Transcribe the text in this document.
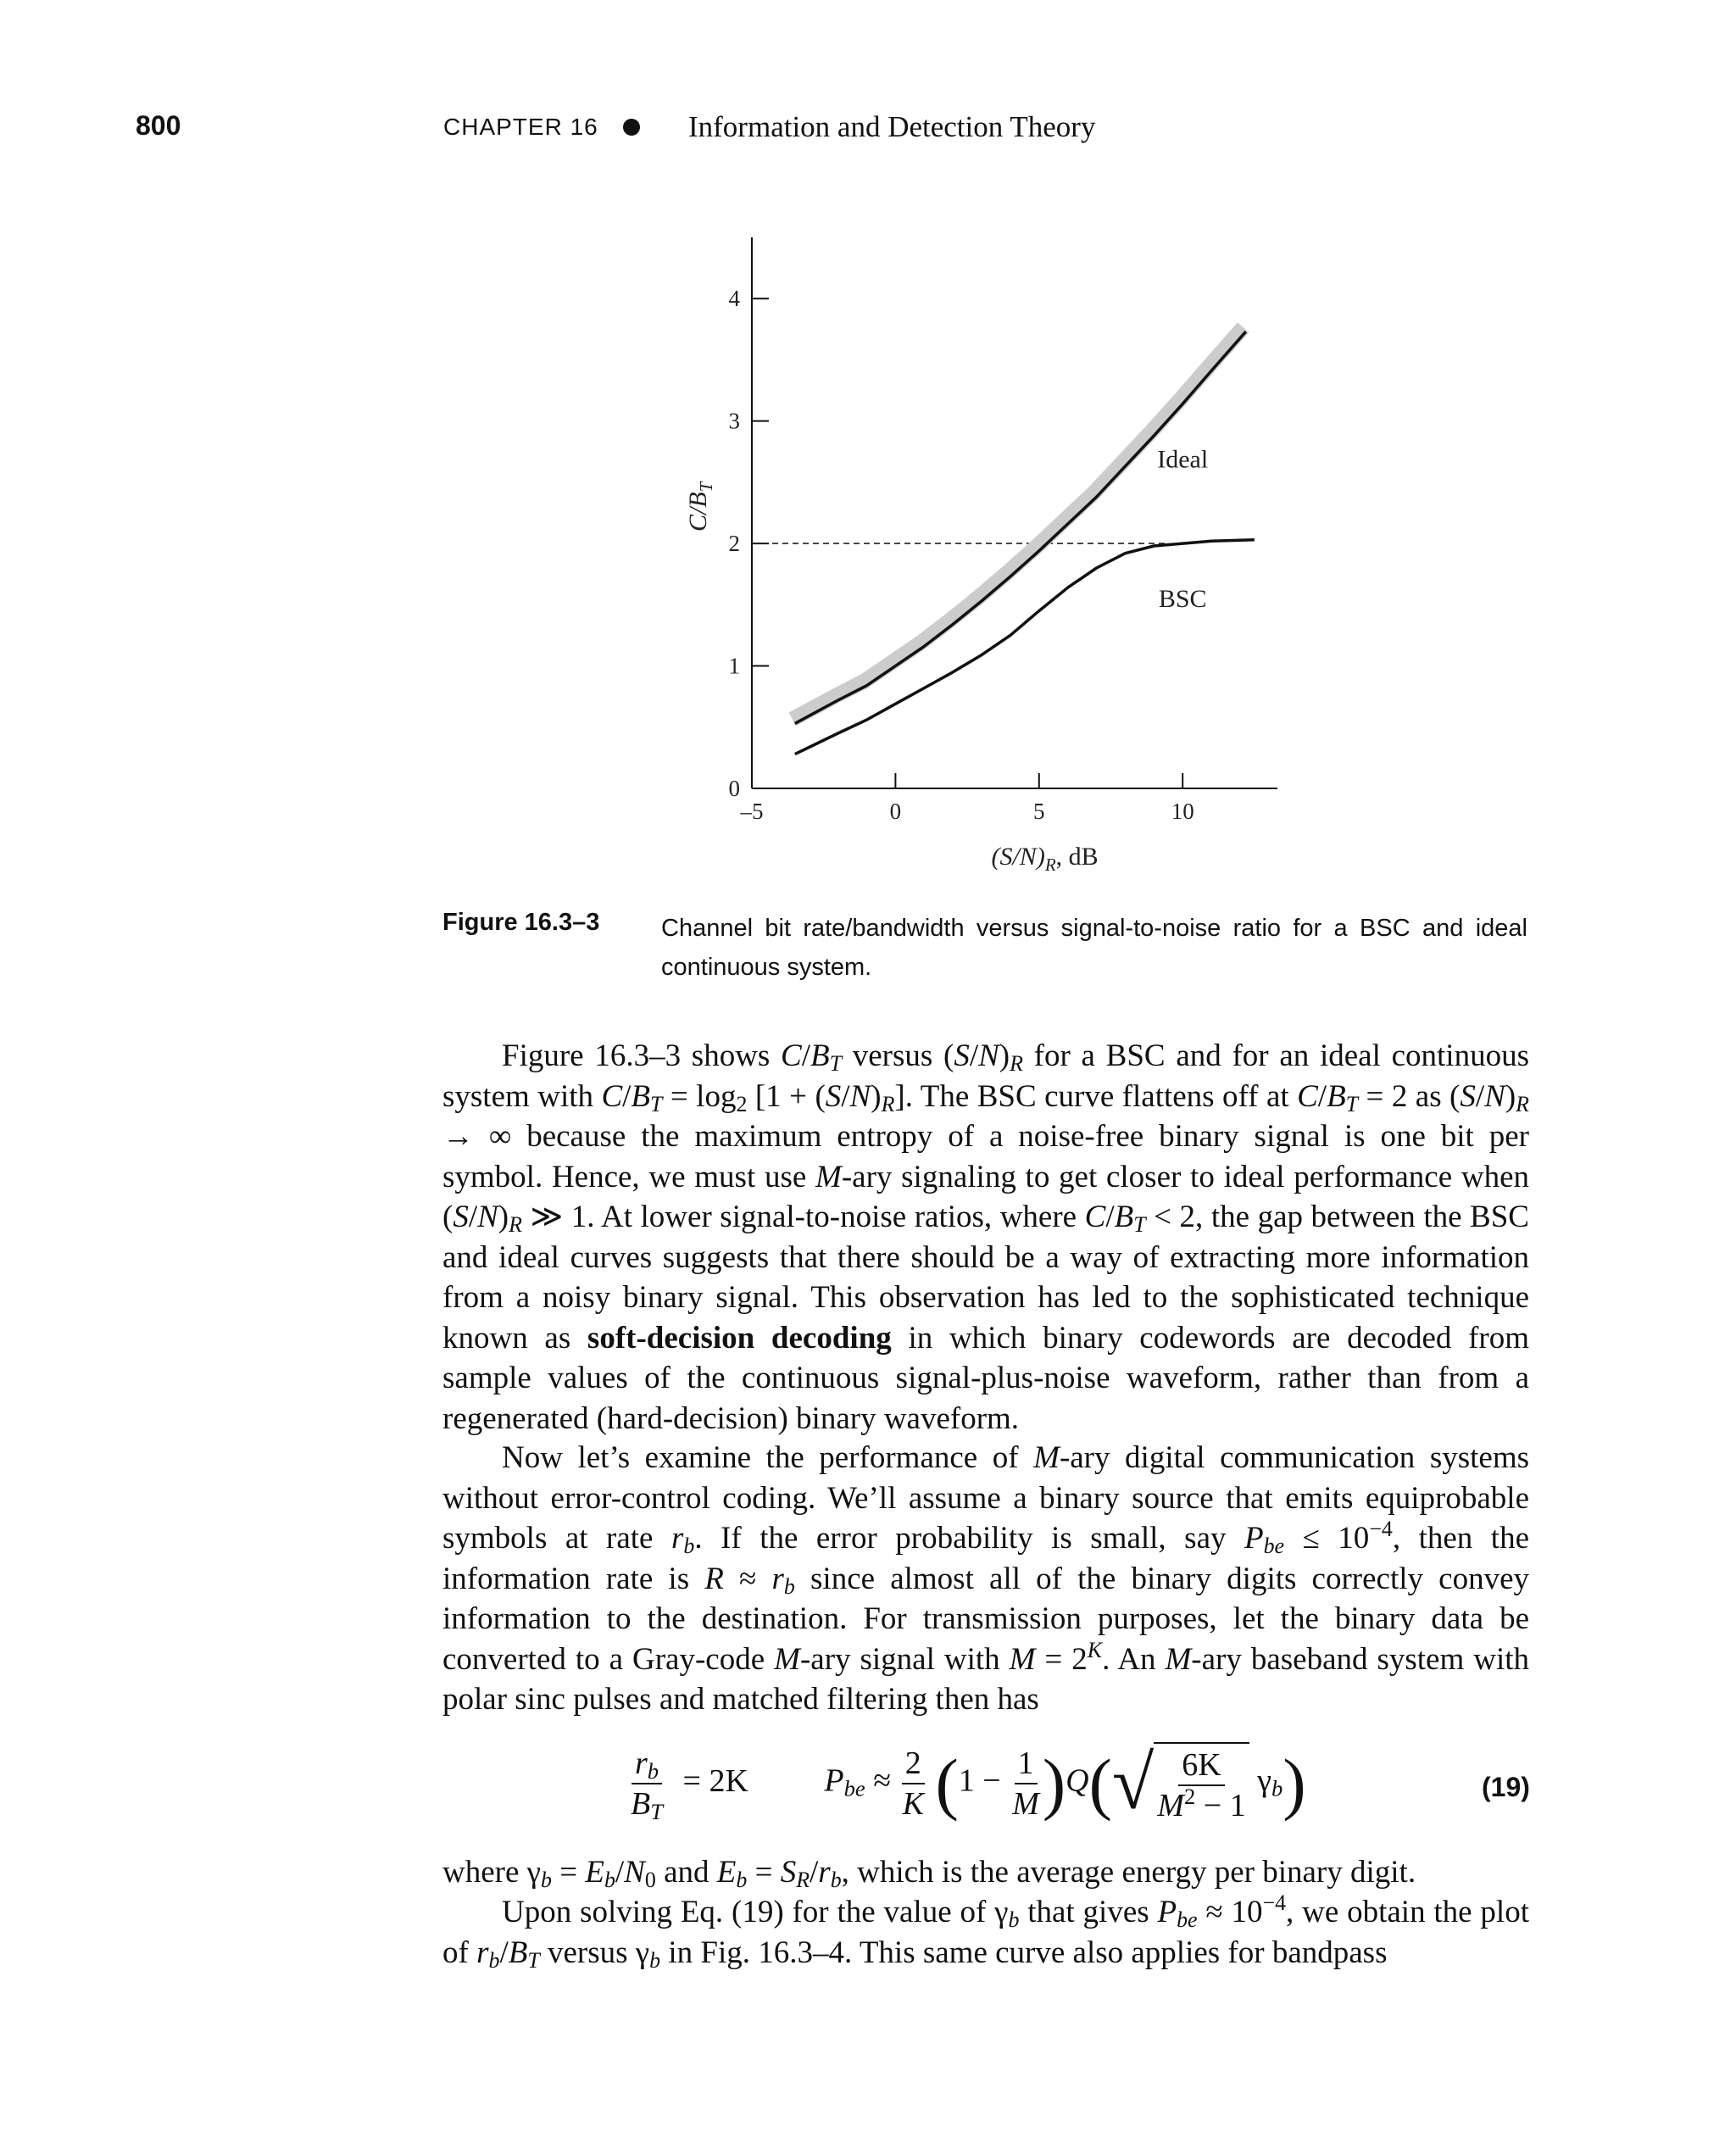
800	CHAPTER 16	Information and Detection Theory
0
1
2
3
4
–5	0	5	10
Ideal
BSC
$C/B_T$
$(S/N)_R$, dB
Figure 16.3–3	Channel bit rate/bandwidth versus signal-to-noise ratio for a BSC and ideal continuous system.
Figure 16.3–3 shows $C/B_T$ versus $(S/N)_R$ for a BSC and for an ideal continuous system with $C/B_T = \log_2 [1 + (S/N)_R]$. The BSC curve flattens off at $C/B_T = 2$ as $(S/N)_R$ → ∞ because the maximum entropy of a noise-free binary signal is one bit per symbol. Hence, we must use M-ary signaling to get closer to ideal performance when $(S/N)_R$ ≫ 1. At lower signal-to-noise ratios, where $C/B_T < 2$, the gap between the BSC and ideal curves suggests that there should be a way of extracting more information from a noisy binary signal. This observation has led to the sophisticated technique known as soft-decision decoding in which binary codewords are decoded from sample values of the continuous signal-plus-noise waveform, rather than from a regenerated (hard-decision) binary waveform.
Now let’s examine the performance of M-ary digital communication systems without error-control coding. We’ll assume a binary source that emits equiprobable symbols at rate $r_b$. If the error probability is small, say $P_{be} \le 10^{-4}$, then the information rate is $R \approx r_b$ since almost all of the binary digits correctly convey information to the destination. For transmission purposes, let the binary data be converted to a Gray-code M-ary signal with $M = 2^K$. An M-ary baseband system with polar sinc pulses and matched filtering then has
$\frac{r_b}{B_T} = 2K$ $P_{be} \approx \frac{2}{K} (1 - \frac{1}{M} )Q$( √ $\frac{6K}{M^2 - 1} \gamma_b$)	(19)
where $\gamma_b = E_b/N_0$ and $E_b = S_R/r_b$, which is the average energy per binary digit.
Upon solving Eq. (19) for the value of $\gamma_b$ that gives $P_{be} \approx 10^{-4}$, we obtain the plot of $r_b/B_T$ versus $\gamma_b$ in Fig. 16.3–4. This same curve also applies for bandpass
